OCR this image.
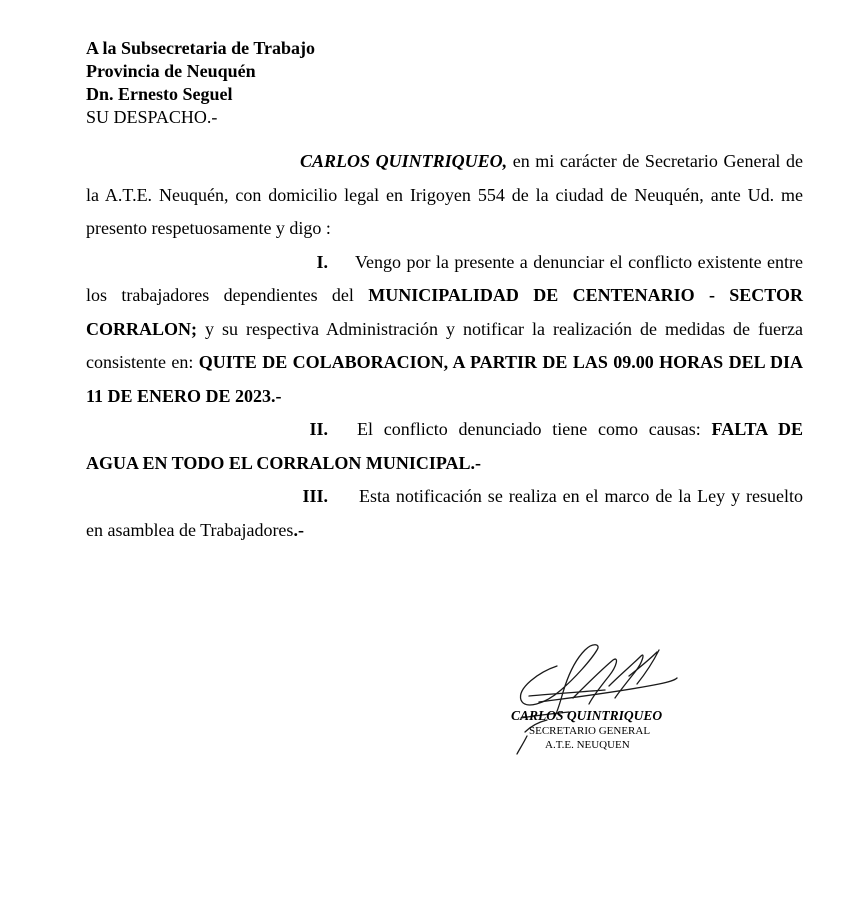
A la Subsecretaria de Trabajo
Provincia de Neuquén
Dn. Ernesto Seguel
SU DESPACHO.-

CARLOS QUINTRIQUEO, en mi carácter de Secretario General de la A.T.E. Neuquén, con domicilio legal en Irigoyen 554 de la ciudad de Neuquén, ante Ud. me presento respetuosamente y digo :

I. Vengo por la presente a denunciar el conflicto existente entre los trabajadores dependientes del MUNICIPALIDAD DE CENTENARIO - SECTOR CORRALON; y su respectiva Administración y notificar la realización de medidas de fuerza consistente en: QUITE DE COLABORACION, A PARTIR DE LAS 09.00 HORAS DEL DIA 11 DE ENERO DE 2023.-

II. El conflicto denunciado tiene como causas: FALTA DE AGUA EN TODO EL CORRALON MUNICIPAL.-

III. Esta notificación se realiza en el marco de la Ley y resuelto en asamblea de Trabajadores.-

CARLOS QUINTRIQUEO
SECRETARIO GENERAL
A.T.E. NEUQUEN
